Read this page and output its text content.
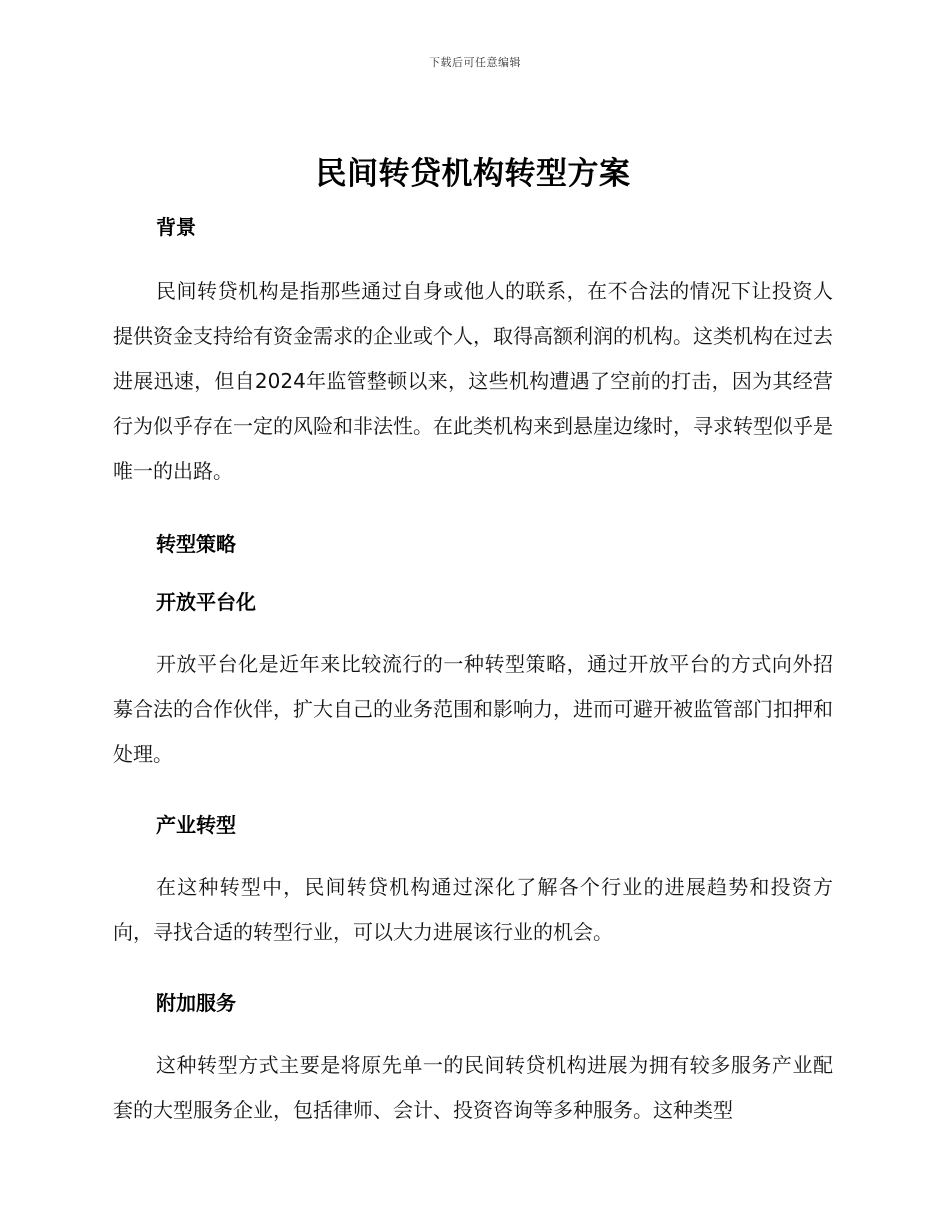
下载后可任意编辑
民间转贷机构转型方案
背景

民间转贷机构是指那些通过自身或他人的联系，在不合法的情况下让投资人提供资金支持给有资金需求的企业或个人，取得高额利润的机构。这类机构在过去进展迅速，但自2024年监管整顿以来，这些机构遭遇了空前的打击，因为其经营行为似乎存在一定的风险和非法性。在此类机构来到悬崖边缘时，寻求转型似乎是唯一的出路。

转型策略
开放平台化

开放平台化是近年来比较流行的一种转型策略，通过开放平台的方式向外招募合法的合作伙伴，扩大自己的业务范围和影响力，进而可避开被监管部门扣押和处理。

产业转型

在这种转型中，民间转贷机构通过深化了解各个行业的进展趋势和投资方向，寻找合适的转型行业，可以大力进展该行业的机会。

附加服务

这种转型方式主要是将原先单一的民间转贷机构进展为拥有较多服务产业配套的大型服务企业，包括律师、会计、投资咨询等多种服务。这种类型
